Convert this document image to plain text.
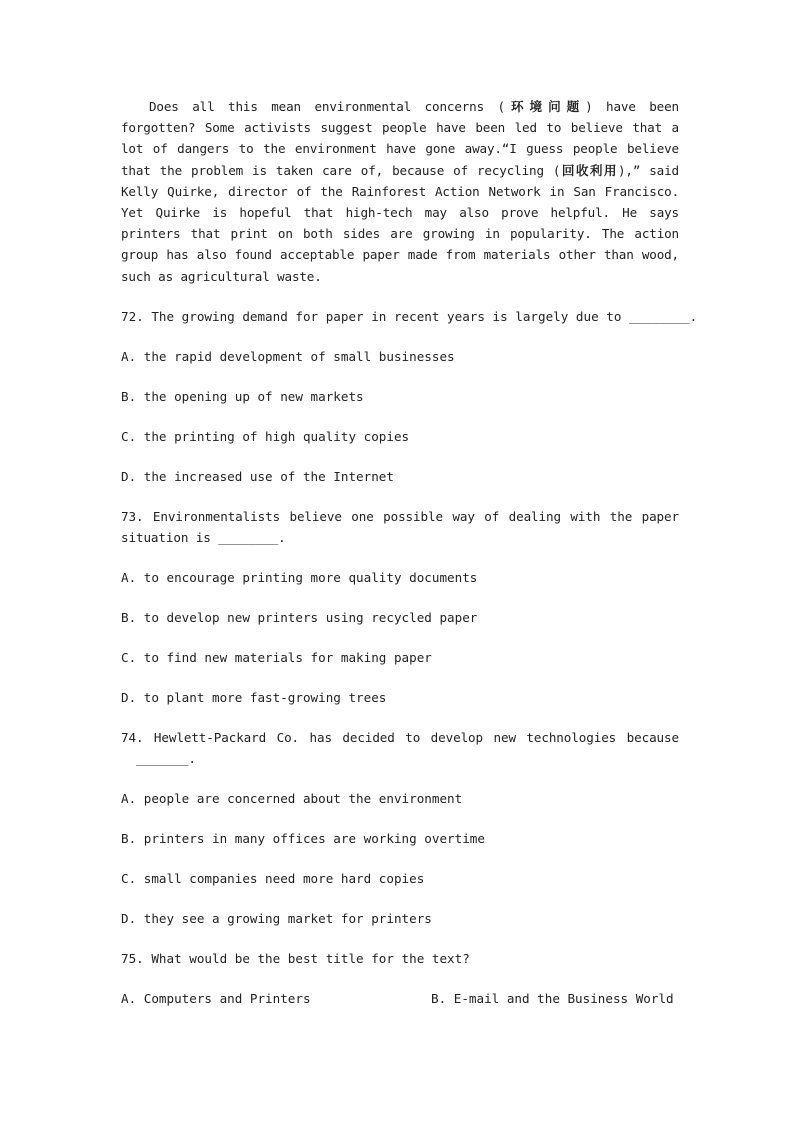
Does all this mean environmental concerns (环境问题) have been forgotten? Some activists suggest people have been led to believe that a lot of dangers to the environment have gone away.“I guess people believe that the problem is taken care of, because of recycling (回收利用),” said Kelly Quirke, director of the Rainforest Action Network in San Francisco. Yet Quirke is hopeful that high-tech may also prove helpful. He says printers that print on both sides are growing in popularity. The action group has also found acceptable paper made from materials other than wood, such as agricultural waste.

72. The growing demand for paper in recent years is largely due to ________.

A. the rapid development of small businesses

B. the opening up of new markets

C. the printing of high quality copies

D. the increased use of the Internet

73. Environmentalists believe one possible way of dealing with the paper
situation is ________.

A. to encourage printing more quality documents

B. to develop new printers using recycled paper

C. to find new materials for making paper

D. to plant more fast-growing trees

74. Hewlett-Packard Co. has decided to develop new technologies because
_______.

A. people are concerned about the environment

B. printers in many offices are working overtime

C. small companies need more hard copies

D. they see a growing market for printers

75. What would be the best title for the text?

A. Computers and Printers	B. E-mail and the Business World
